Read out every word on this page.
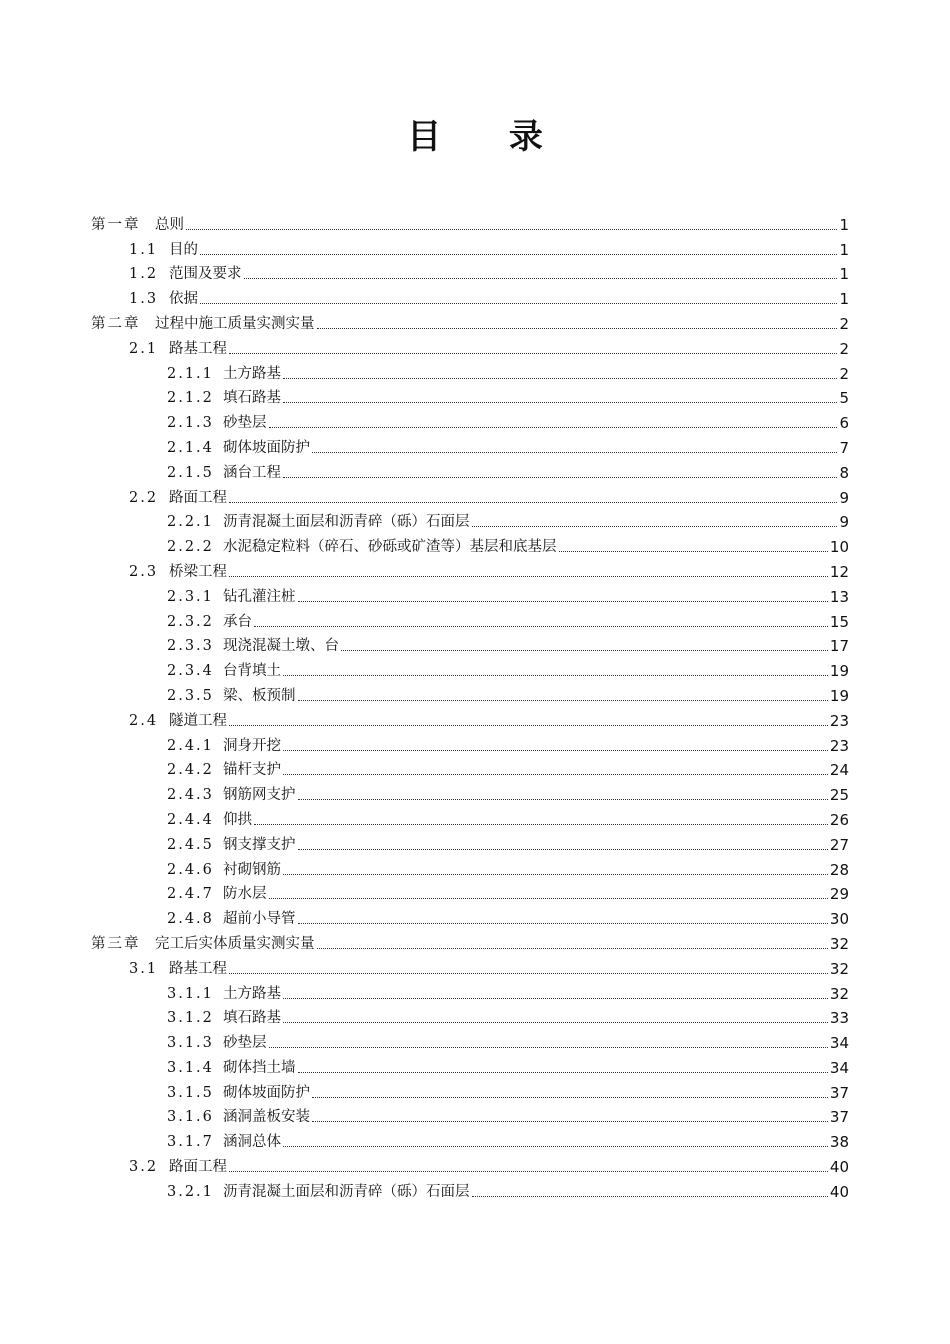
目 录
第一章	总则	1
1.1 目的	1
1.2 范围及要求	1
1.3 依据	1
第二章	过程中施工质量实测实量	2
2.1 路基工程	2
2.1.1 土方路基	2
2.1.2 填石路基	5
2.1.3 砂垫层	6
2.1.4 砌体坡面防护	7
2.1.5 涵台工程	8
2.2 路面工程	9
2.2.1 沥青混凝土面层和沥青碎（砾）石面层	9
2.2.2 水泥稳定粒料（碎石、砂砾或矿渣等）基层和底基层	10
2.3 桥梁工程	12
2.3.1 钻孔灌注桩	13
2.3.2 承台	15
2.3.3 现浇混凝土墩、台	17
2.3.4 台背填土	19
2.3.5 梁、板预制	19
2.4 隧道工程	23
2.4.1 洞身开挖	23
2.4.2 锚杆支护	24
2.4.3 钢筋网支护	25
2.4.4 仰拱	26
2.4.5 钢支撑支护	27
2.4.6 衬砌钢筋	28
2.4.7 防水层	29
2.4.8 超前小导管	30
第三章	完工后实体质量实测实量	32
3.1 路基工程	32
3.1.1 土方路基	32
3.1.2 填石路基	33
3.1.3 砂垫层	34
3.1.4 砌体挡土墙	34
3.1.5 砌体坡面防护	37
3.1.6 涵洞盖板安装	37
3.1.7 涵洞总体	38
3.2 路面工程	40
3.2.1 沥青混凝土面层和沥青碎（砾）石面层	40
